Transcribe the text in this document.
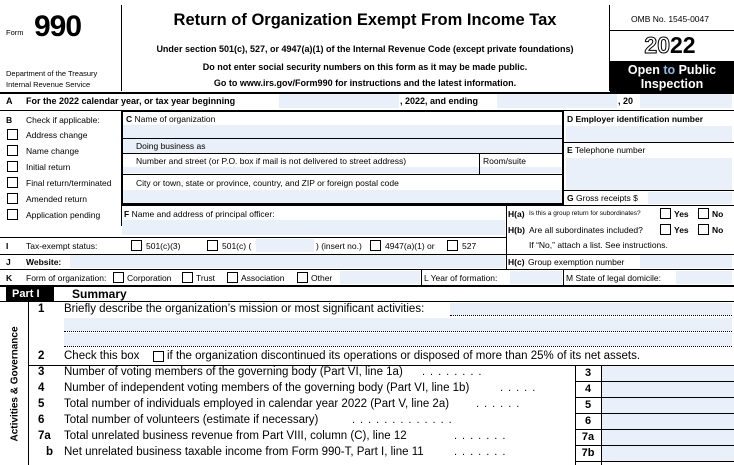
Form 990
Department of the Treasury
Internal Revenue Service
Return of Organization Exempt From Income Tax
Under section 501(c), 527, or 4947(a)(1) of the Internal Revenue Code (except private foundations)
Do not enter social security numbers on this form as it may be made public.
Go to www.irs.gov/Form990 for instructions and the latest information.
OMB No. 1545-0047
2022
Open to Public
Inspection
A For the 2022 calendar year, or tax year beginning	, 2022, and ending	, 20
B Check if applicable:
Address change
Name change
Initial return
Final return/terminated
Amended return
Application pending
C Name of organization
Doing business as
Number and street (or P.O. box if mail is not delivered to street address)	Room/suite
City or town, state or province, country, and ZIP or foreign postal code
D Employer identification number
E Telephone number
G Gross receipts $
F Name and address of principal officer:	H(a) Is this a group return for subordinates?	Yes	No
H(b) Are all subordinates included?	Yes	No
If “No,” attach a list. See instructions.
I Tax-exempt status:	501(c)(3)	501(c) (	) (insert no.)	4947(a)(1) or	527
J Website:	H(c) Group exemption number
K Form of organization: Corporation	Trust	Association	Other	L Year of formation:	M State of legal domicile:
Part I	Summary
Activities & Governance
1 Briefly describe the organization’s mission or most significant activities:
2 Check this box if the organization discontinued its operations or disposed of more than 25% of its net assets.
3 Number of voting members of the governing body (Part VI, line 1a) ........	3
4 Number of independent voting members of the governing body (Part VI, line 1b)	.....	4
5 Total number of individuals employed in calendar year 2022 (Part V, line 2a) ......	5
6 Total number of volunteers (estimate if necessary)	.............	6
7a Total unrelated business revenue from Part VIII, column (C), line 12	.......	7a
b Net unrelated business taxable income from Form 990-T, Part I, line 11	.......	7b
